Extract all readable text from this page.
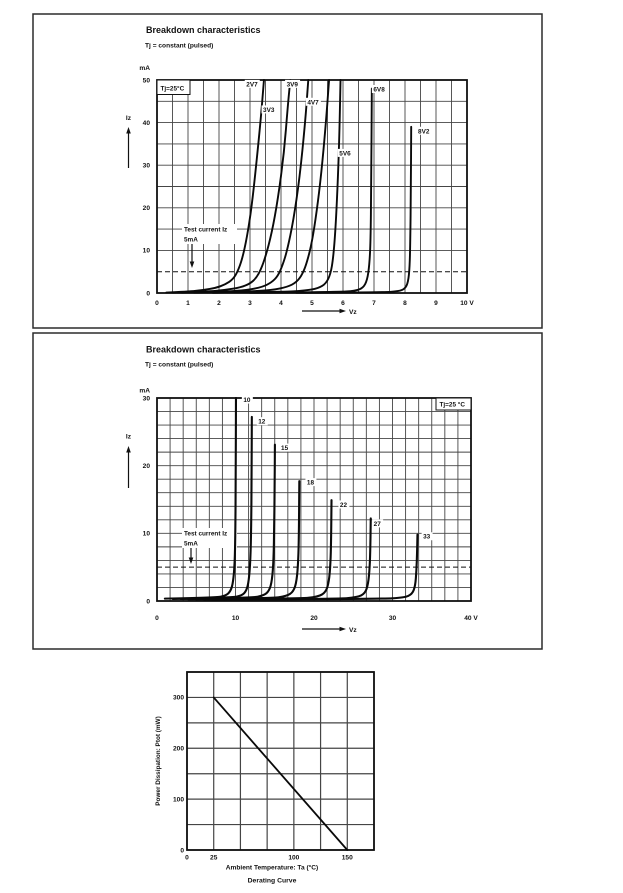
Breakdown characteristics
Tj = constant (pulsed)
0
10
20
30
40
50
0	1	2	3	4	5	6	7	8	9	10 V
mA
Tj=25°C
Iz
Vz
Test current Iz
5mA
2V7
3V3
3V9
4V7
5V6
6V8
8V2
Breakdown characteristics
Tj = constant (pulsed)
0
10
20
30
0	10	20	30	40 V
mA
Tj=25 °C
Iz
Vz
Test current Iz
5mA
10
12
15
18
22
27
33
0
100
200
300
0	25	100	150
Power Dissipation: Ptot (mW)
Ambient Temperature: Ta (°C)
Derating Curve
